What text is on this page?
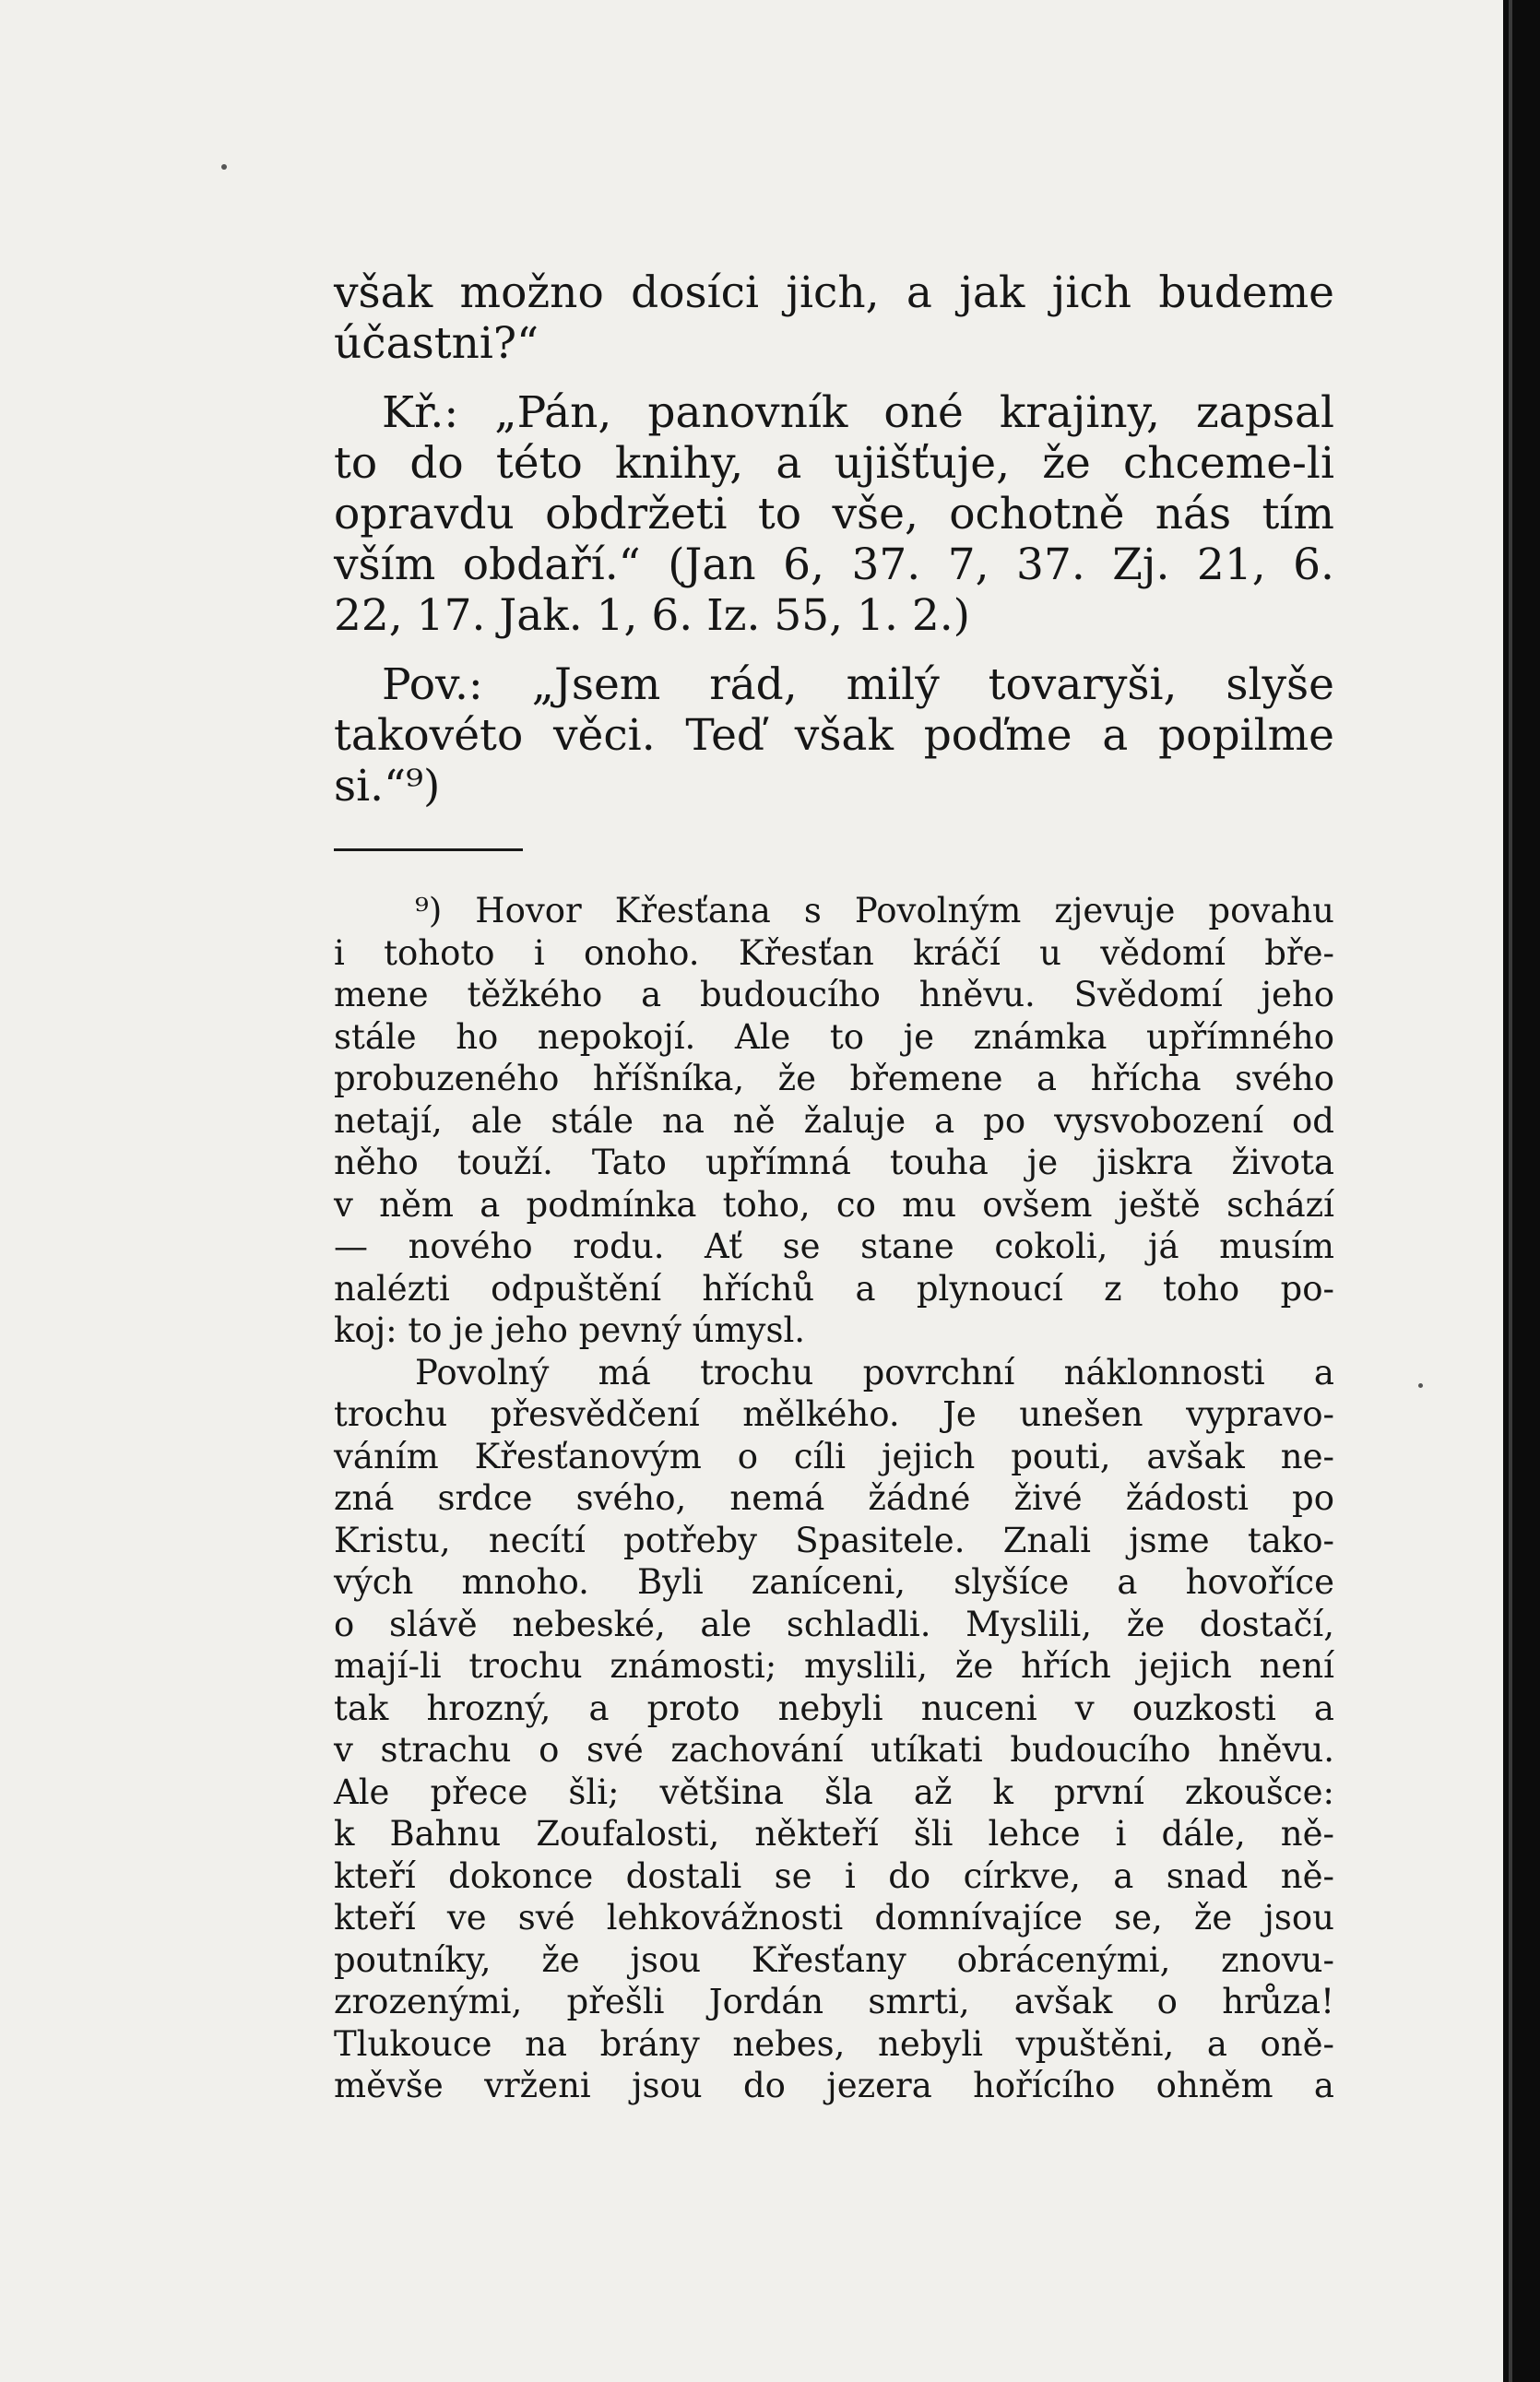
však možno dosíci jich, a jak jich budeme
účastni?“
Kř.: „Pán, panovník oné krajiny, zapsal
to do této knihy, a ujišťuje, že chceme-li
opravdu obdržeti to vše, ochotně nás tím
vším obdaří.“ (Jan 6, 37. 7, 37. Zj. 21, 6.
22, 17. Jak. 1, 6. Iz. 55, 1. 2.)
Pov.: „Jsem rád, milý tovaryši, slyše
takovéto věci. Teď však poďme a popilme
si.“⁹)
⁹) Hovor Křesťana s Povolným zjevuje povahu
i tohoto i onoho. Křesťan kráčí u vědomí bře-
mene těžkého a budoucího hněvu. Svědomí jeho
stále ho nepokojí. Ale to je známka upřímného
probuzeného hříšníka, že břemene a hřícha svého
netají, ale stále na ně žaluje a po vysvobození od
něho touží. Tato upřímná touha je jiskra života
v něm a podmínka toho, co mu ovšem ještě schází
— nového rodu. Ať se stane cokoli, já musím
nalézti odpuštění hříchů a plynoucí z toho po-
koj: to je jeho pevný úmysl.
Povolný má trochu povrchní náklonnosti a
trochu přesvědčení mělkého. Je unešen vypravo-
váním Křesťanovým o cíli jejich pouti, avšak ne-
zná srdce svého, nemá žádné živé žádosti po
Kristu, necítí potřeby Spasitele. Znali jsme tako-
vých mnoho. Byli zaníceni, slyšíce a hovoříce
o slávě nebeské, ale schladli. Myslili, že dostačí,
mají-li trochu známosti; myslili, že hřích jejich není
tak hrozný, a proto nebyli nuceni v ouzkosti a
v strachu o své zachování utíkati budoucího hněvu.
Ale přece šli; většina šla až k první zkoušce:
k Bahnu Zoufalosti, někteří šli lehce i dále, ně-
kteří dokonce dostali se i do církve, a snad ně-
kteří ve své lehkovážnosti domnívajíce se, že jsou
poutníky, že jsou Křesťany obrácenými, znovu-
zrozenými, přešli Jordán smrti, avšak o hrůza!
Tlukouce na brány nebes, nebyli vpuštěni, a oně-
měvše vrženi jsou do jezera hořícího ohněm a
